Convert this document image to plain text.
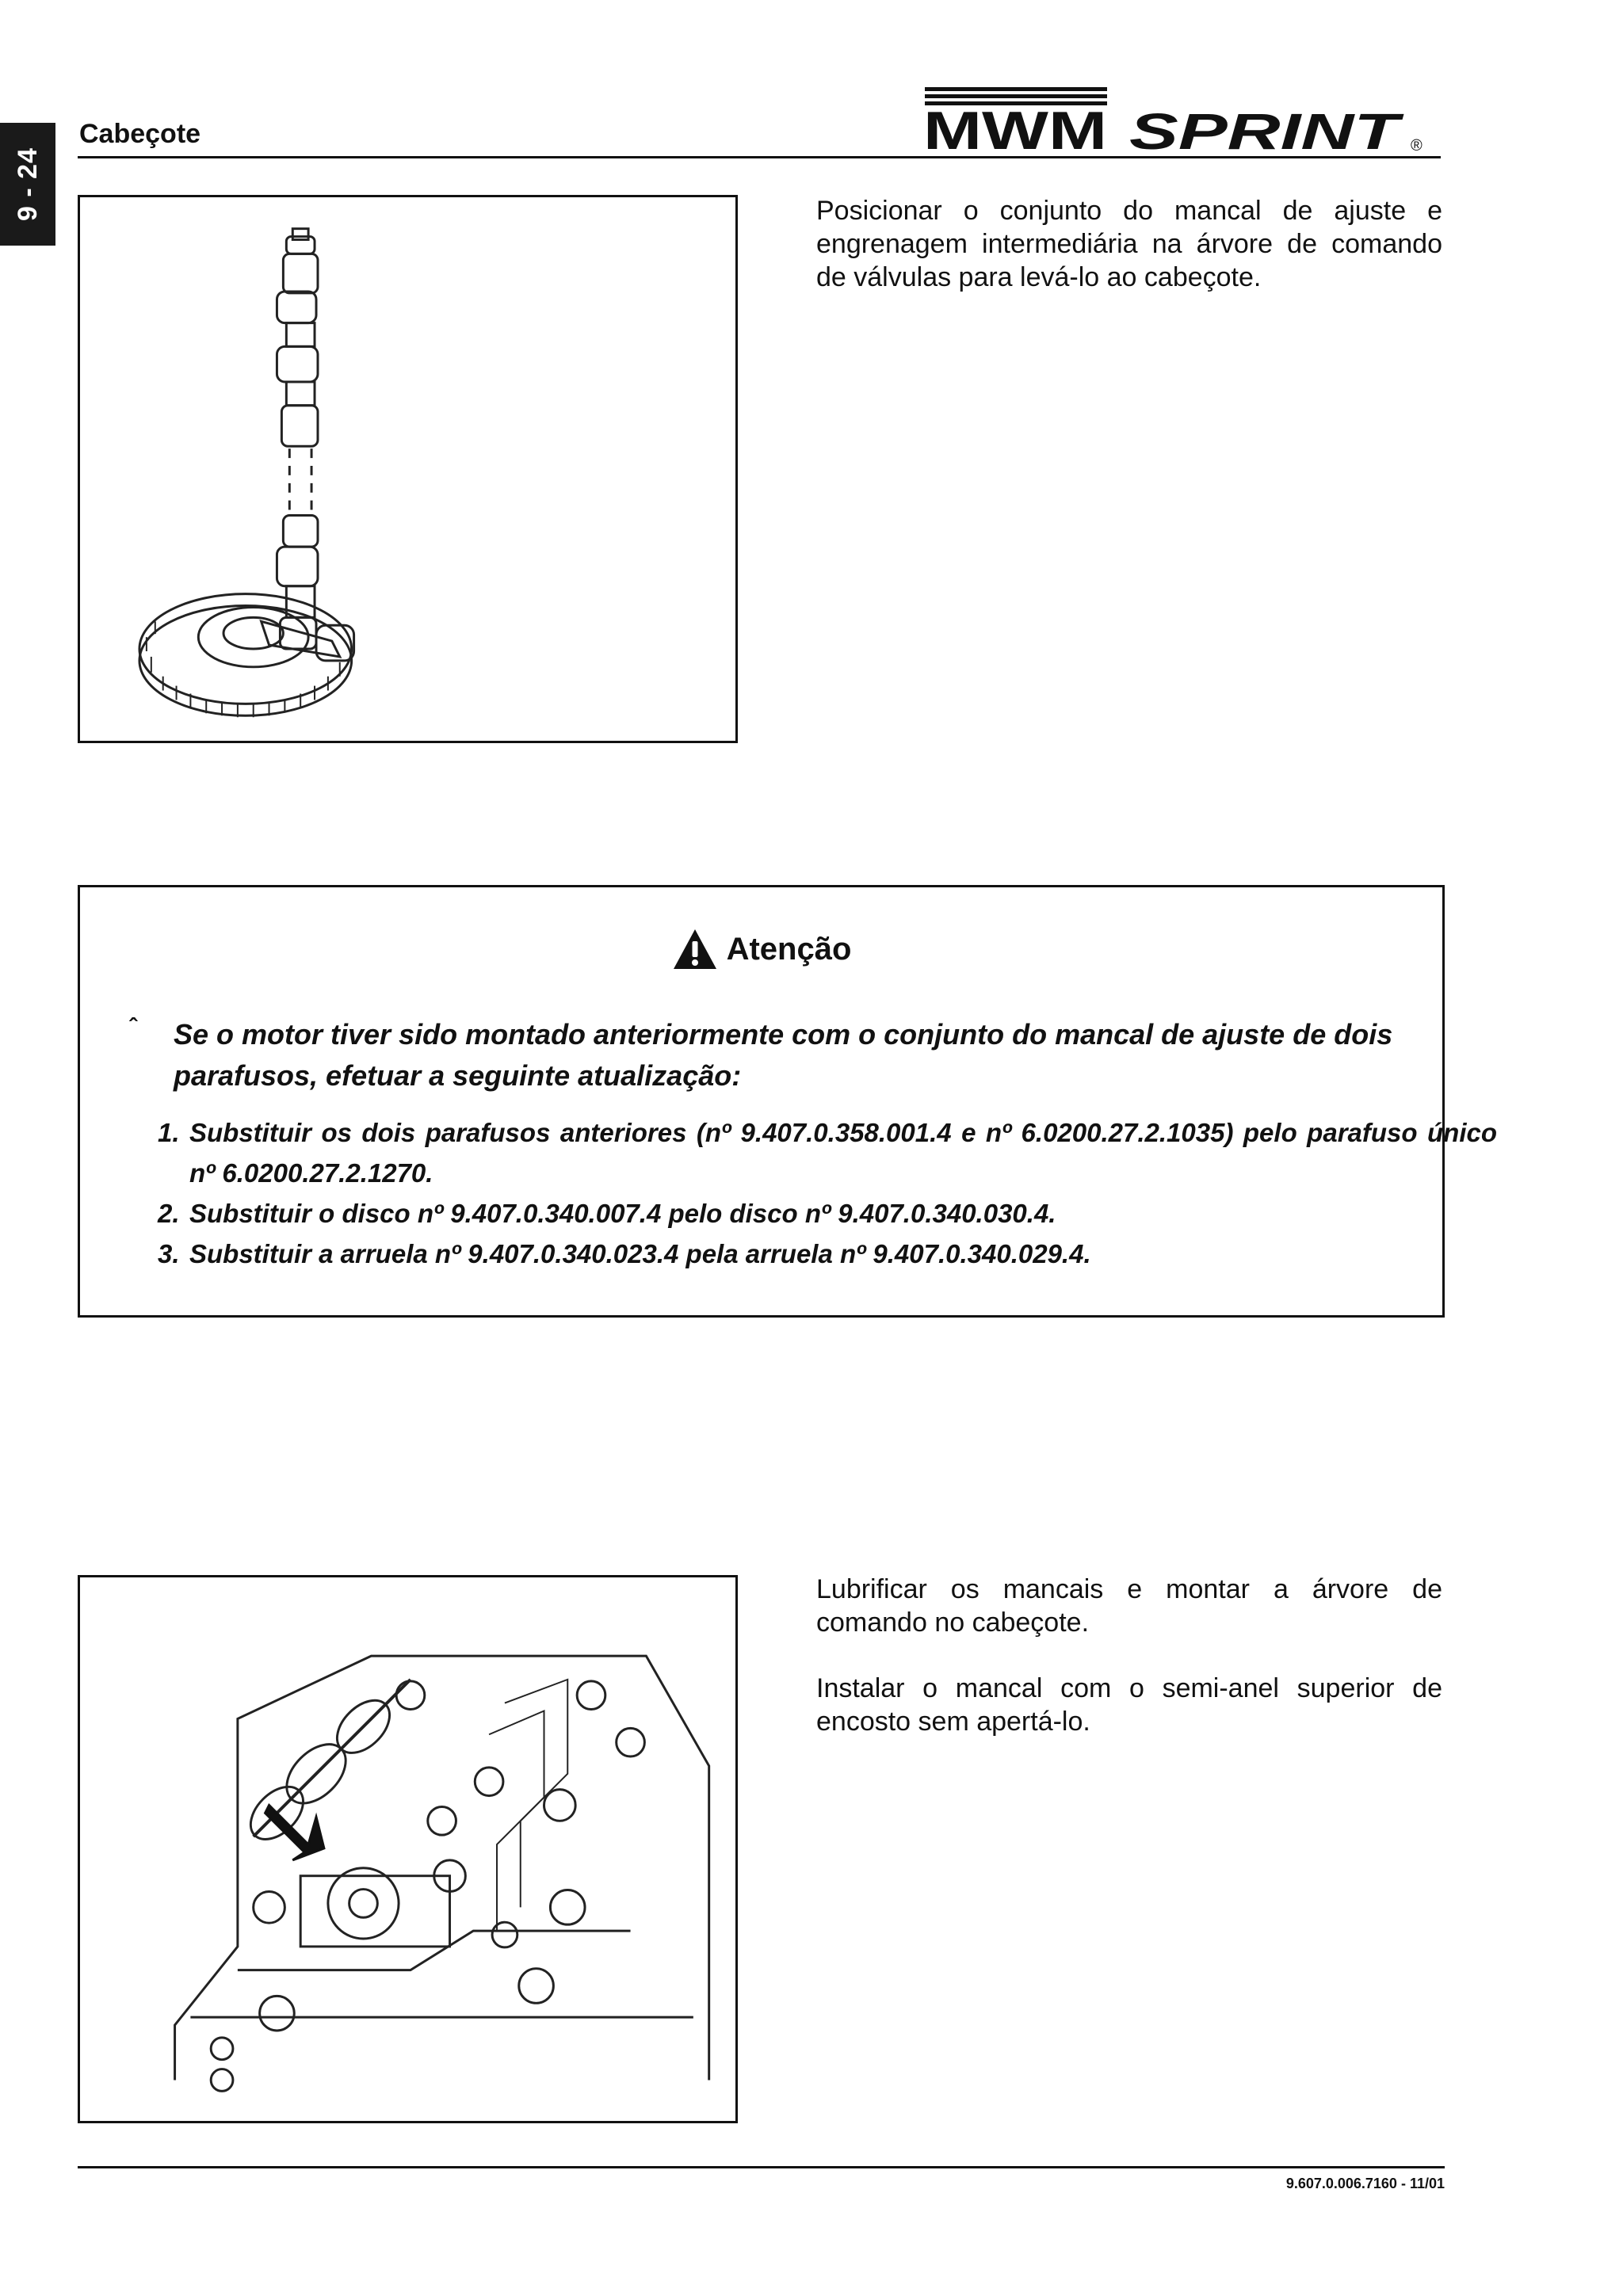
9 - 24
Cabeçote	MWM SPRINT ®
Posicionar o conjunto do mancal de ajuste e engrenagem intermediária na árvore de comando de válvulas para levá-lo ao cabeçote.
Atenção
ˆ Se o motor tiver sido montado anteriormente com o conjunto do mancal de ajuste de dois parafusos, efetuar a seguinte atualização:
1. Substituir os dois parafusos anteriores (nº 9.407.0.358.001.4 e nº 6.0200.27.2.1035) pelo parafuso único nº 6.0200.27.2.1270.
2. Substituir o disco nº 9.407.0.340.007.4 pelo disco nº 9.407.0.340.030.4.
3. Substituir a arruela nº 9.407.0.340.023.4 pela arruela nº 9.407.0.340.029.4.
Lubrificar os mancais e montar a árvore de comando no cabeçote.
Instalar o mancal com o semi-anel superior de encosto sem apertá-lo.
9.607.0.006.7160 - 11/01
